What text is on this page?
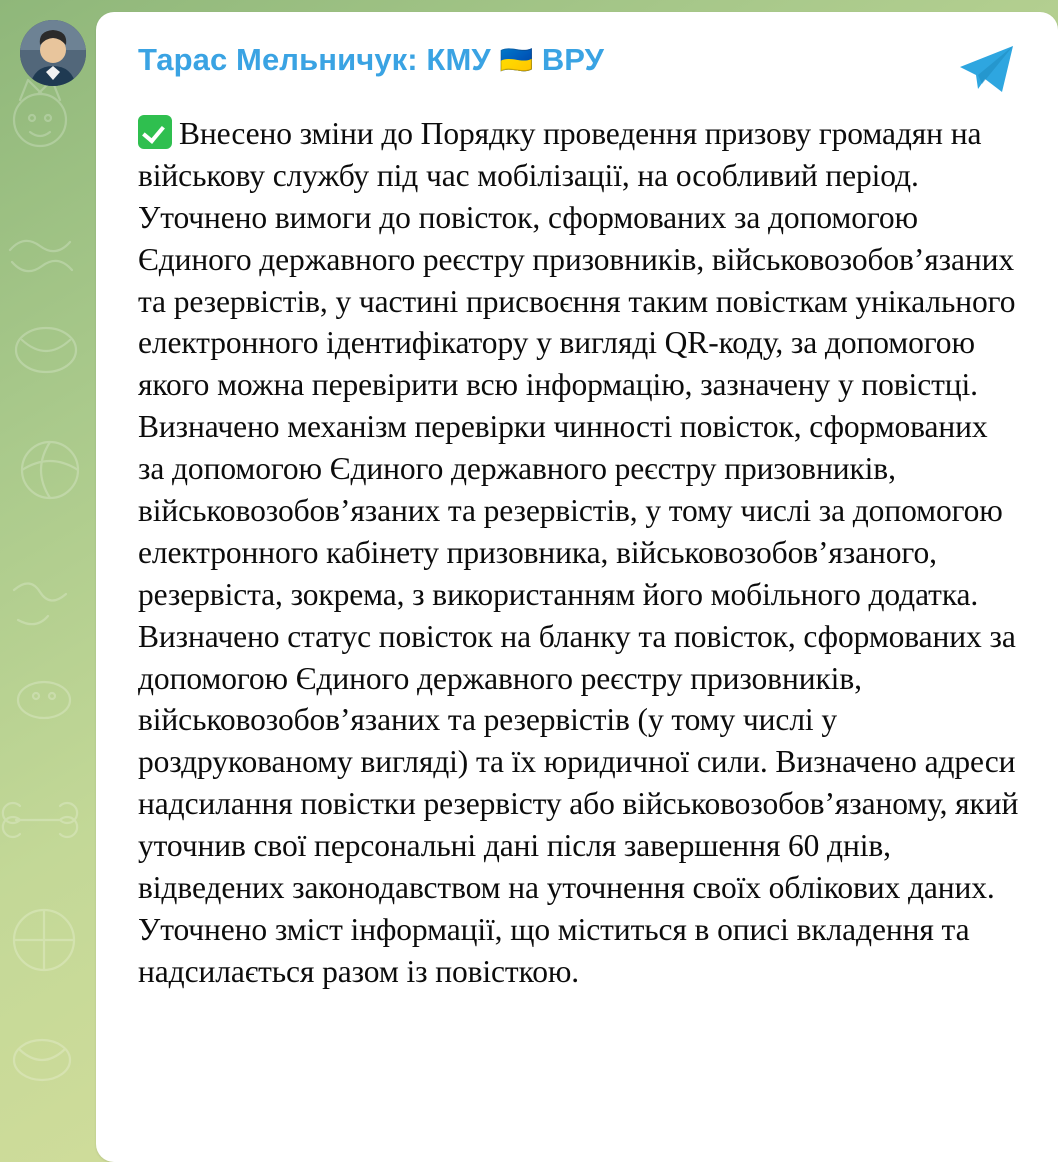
Тарас Мельничук: КМУ 🇺🇦 ВРУ
Внесено зміни до Порядку проведення призову громадян на військову службу під час мобілізації, на особливий період. Уточнено вимоги до повісток, сформованих за допомогою Єдиного державного реєстру призовників, військовозобов’язаних та резервістів, у частині присвоєння таким повісткам унікального електронного ідентифікатору у вигляді QR-коду, за допомогою якого можна перевірити всю інформацію, зазначену у повістці. Визначено механізм перевірки чинності повісток, сформованих за допомогою Єдиного державного реєстру призовників, військовозобов’язаних та резервістів, у тому числі за допомогою електронного кабінету призовника, військовозобов’язаного, резервіста, зокрема, з використанням його мобільного додатка. Визначено статус повісток на бланку та повісток, сформованих за допомогою Єдиного державного реєстру призовників, військовозобов’язаних та резервістів (у тому числі у роздрукованому вигляді) та їх юридичної сили. Визначено адреси надсилання повістки резервісту або військовозобов’язаному, який уточнив свої персональні дані після завершення 60 днів, відведених законодавством на уточнення своїх облікових даних. Уточнено зміст інформації, що міститься в описі вкладення та надсилається разом із повісткою.
